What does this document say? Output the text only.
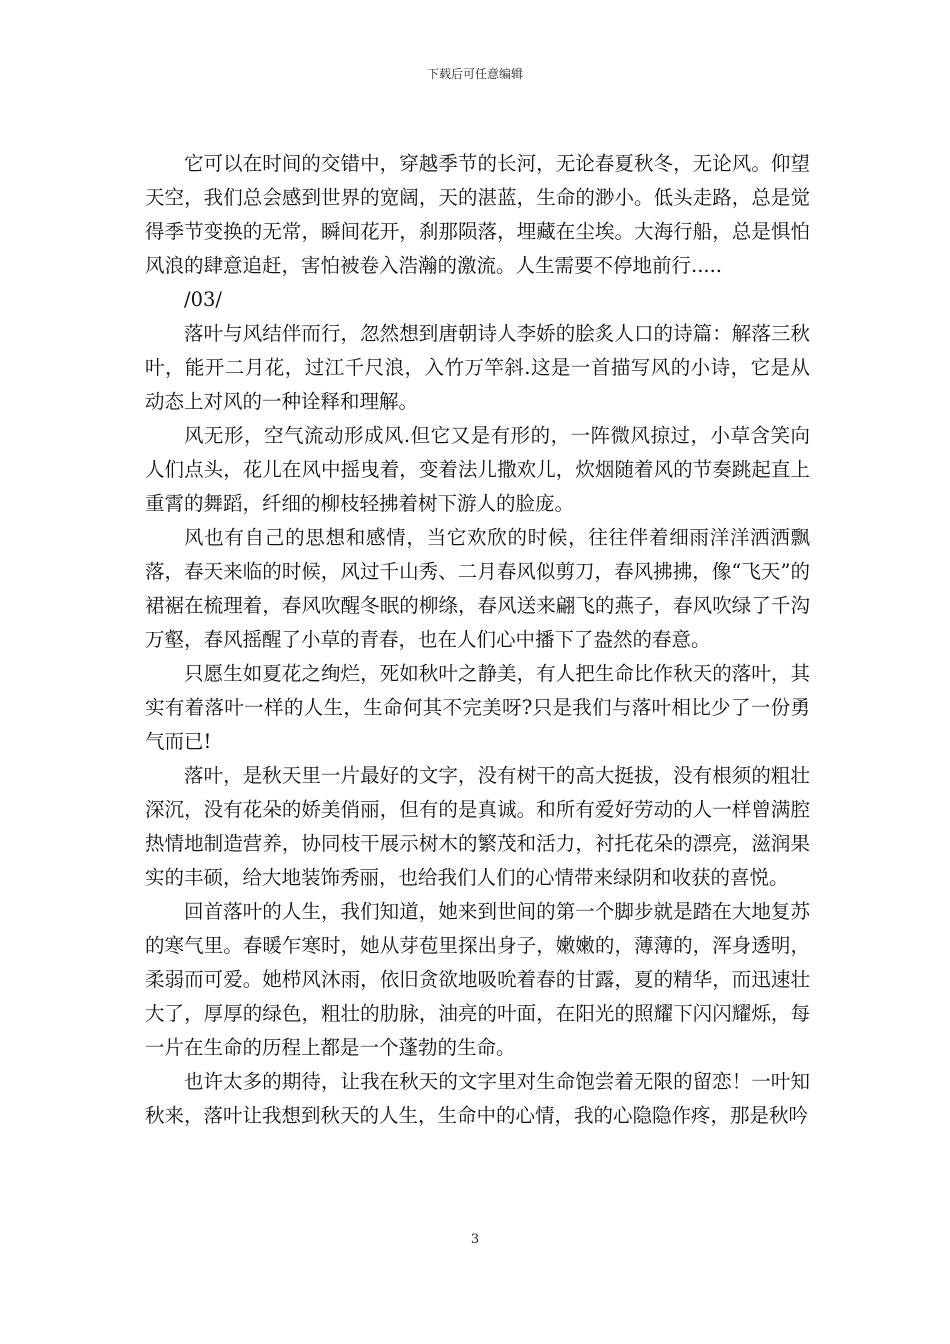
下载后可任意编辑

它可以在时间的交错中，穿越季节的长河，无论春夏秋冬，无论风。仰望天空，我们总会感到世界的宽阔，天的湛蓝，生命的渺小。低头走路，总是觉得季节变换的无常，瞬间花开，刹那陨落，埋藏在尘埃。大海行船，总是惧怕风浪的肆意追赶，害怕被卷入浩瀚的激流。人生需要不停地前行.....

/03/

落叶与风结伴而行，忽然想到唐朝诗人李娇的脍炙人口的诗篇：解落三秋叶，能开二月花，过江千尺浪，入竹万竿斜.这是一首描写风的小诗，它是从动态上对风的一种诠释和理解。

风无形，空气流动形成风.但它又是有形的，一阵微风掠过，小草含笑向人们点头，花儿在风中摇曳着，变着法儿撒欢儿，炊烟随着风的节奏跳起直上重霄的舞蹈，纤细的柳枝轻拂着树下游人的脸庞。

风也有自己的思想和感情，当它欢欣的时候，往往伴着细雨洋洋洒洒飘落，春天来临的时候，风过千山秀、二月春风似剪刀，春风拂拂，像“飞天”的裙裾在梳理着，春风吹醒冬眠的柳绦，春风送来翩飞的燕子，春风吹绿了千沟万壑，春风摇醒了小草的青春，也在人们心中播下了盎然的春意。

只愿生如夏花之绚烂，死如秋叶之静美，有人把生命比作秋天的落叶，其实有着落叶一样的人生，生命何其不完美呀?只是我们与落叶相比少了一份勇气而已!

落叶，是秋天里一片最好的文字，没有树干的高大挺拔，没有根须的粗壮深沉，没有花朵的娇美俏丽，但有的是真诚。和所有爱好劳动的人一样曾满腔热情地制造营养，协同枝干展示树木的繁茂和活力，衬托花朵的漂亮，滋润果实的丰硕，给大地装饰秀丽，也给我们人们的心情带来绿阴和收获的喜悦。

回首落叶的人生，我们知道，她来到世间的第一个脚步就是踏在大地复苏的寒气里。春暖乍寒时，她从芽苞里探出身子，嫩嫩的，薄薄的，浑身透明，柔弱而可爱。她栉风沐雨，依旧贪欲地吸吮着春的甘露，夏的精华，而迅速壮大了，厚厚的绿色，粗壮的肋脉，油亮的叶面，在阳光的照耀下闪闪耀烁，每一片在生命的历程上都是一个蓬勃的生命。

也许太多的期待，让我在秋天的文字里对生命饱尝着无限的留恋！一叶知秋来，落叶让我想到秋天的人生，生命中的心情，我的心隐隐作疼，那是秋吟

3
